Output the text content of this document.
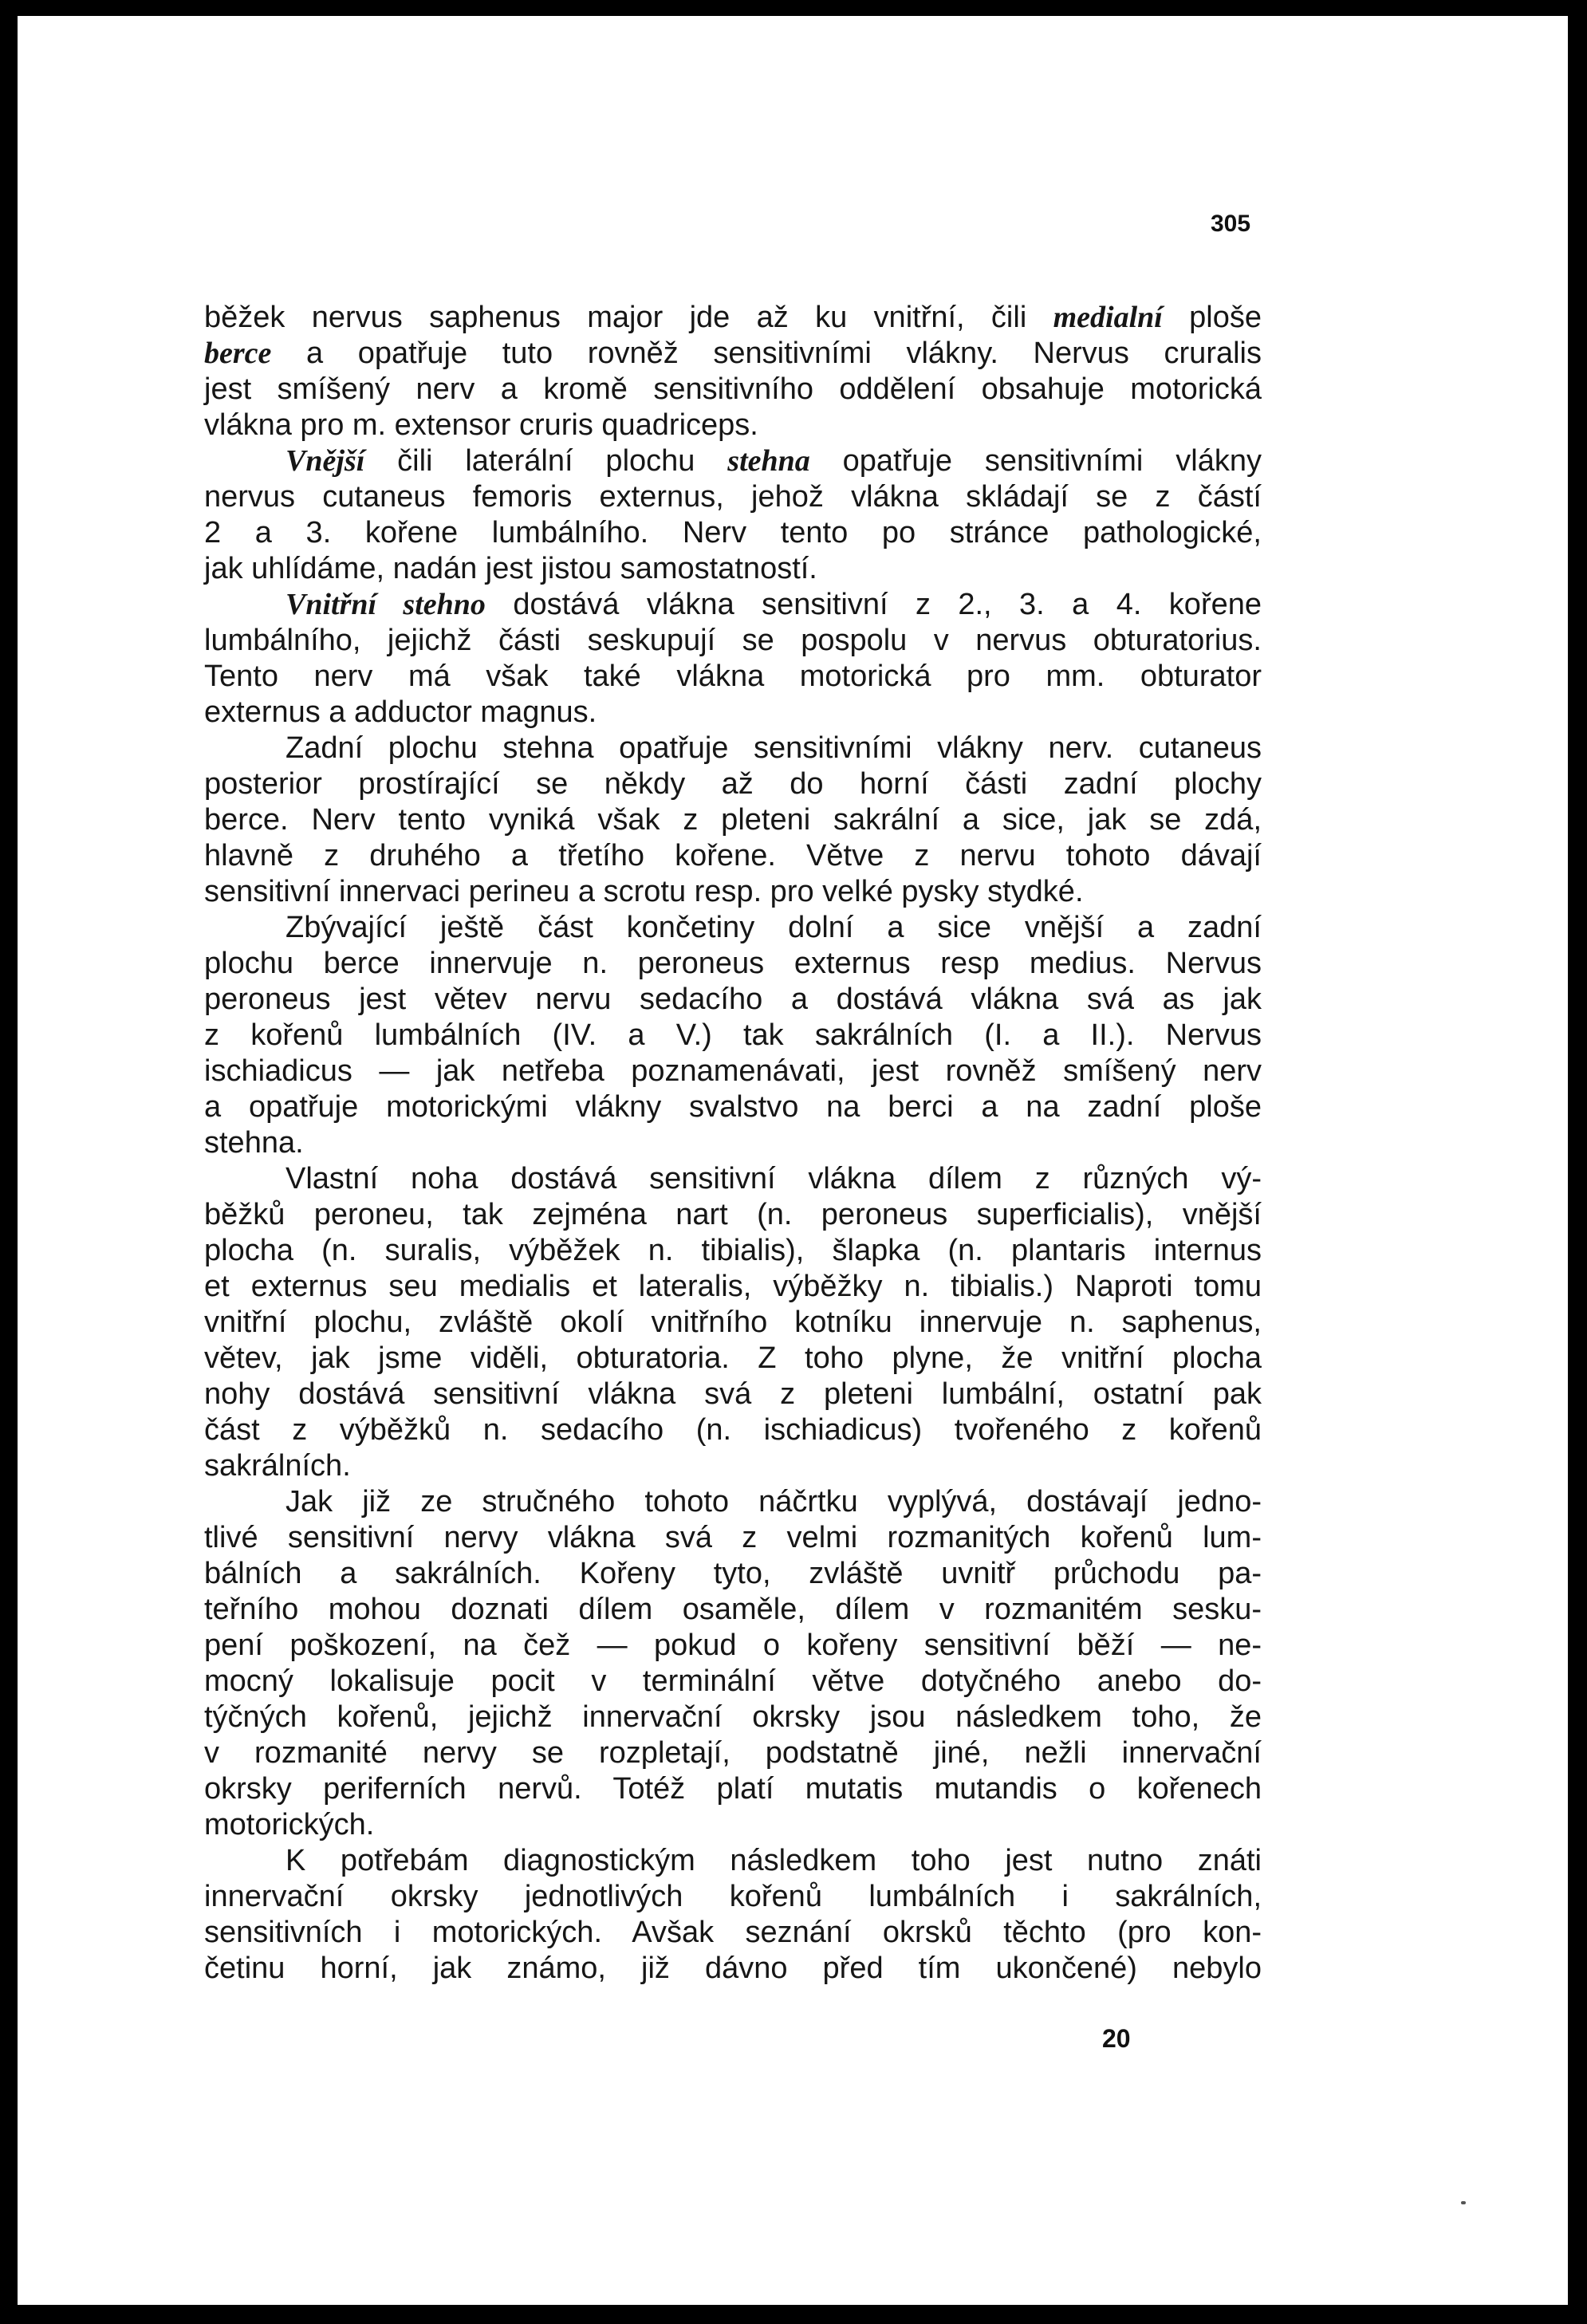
305
běžek nervus saphenus major jde až ku vnitřní, čili medialní ploše
berce a opatřuje tuto rovněž sensitivními vlákny. Nervus cruralis
jest smíšený nerv a kromě sensitivního oddělení obsahuje motorická
vlákna pro m. extensor cruris quadriceps.
Vnější čili laterální plochu stehna opatřuje sensitivními vlákny
nervus cutaneus femoris externus, jehož vlákna skládají se z částí
2 a 3. kořene lumbálního. Nerv tento po stránce pathologické,
jak uhlídáme, nadán jest jistou samostatností.
Vnitřní stehno dostává vlákna sensitivní z 2., 3. a 4. kořene
lumbálního, jejichž části seskupují se pospolu v nervus obturatorius.
Tento nerv má však také vlákna motorická pro mm. obturator
externus a adductor magnus.
Zadní plochu stehna opatřuje sensitivními vlákny nerv. cutaneus
posterior prostírající se někdy až do horní části zadní plochy
berce. Nerv tento vyniká však z pleteni sakrální a sice, jak se zdá,
hlavně z druhého a třetího kořene. Větve z nervu tohoto dávají
sensitivní innervaci perineu a scrotu resp. pro velké pysky stydké.
Zbývající ještě část končetiny dolní a sice vnější a zadní
plochu berce innervuje n. peroneus externus resp medius. Nervus
peroneus jest větev nervu sedacího a dostává vlákna svá as jak
z kořenů lumbálních (IV. a V.) tak sakrálních (I. a II.). Nervus
ischiadicus — jak netřeba poznamenávati, jest rovněž smíšený nerv
a opatřuje motorickými vlákny svalstvo na berci a na zadní ploše
stehna.
Vlastní noha dostává sensitivní vlákna dílem z různých vý-
běžků peroneu, tak zejména nart (n. peroneus superficialis), vnější
plocha (n. suralis, výběžek n. tibialis), šlapka (n. plantaris internus
et externus seu medialis et lateralis, výběžky n. tibialis.) Naproti tomu
vnitřní plochu, zvláště okolí vnitřního kotníku innervuje n. saphenus,
větev, jak jsme viděli, obturatoria. Z toho plyne, že vnitřní plocha
nohy dostává sensitivní vlákna svá z pleteni lumbální, ostatní pak
část z výběžků n. sedacího (n. ischiadicus) tvořeného z kořenů
sakrálních.
Jak již ze stručného tohoto náčrtku vyplývá, dostávají jedno-
tlivé sensitivní nervy vlákna svá z velmi rozmanitých kořenů lum-
bálních a sakrálních. Kořeny tyto, zvláště uvnitř průchodu pa-
teřního mohou doznati dílem osaměle, dílem v rozmanitém sesku-
pení poškození, na čež — pokud o kořeny sensitivní běží — ne-
mocný lokalisuje pocit v terminální větve dotyčného anebo do-
týčných kořenů, jejichž innervační okrsky jsou následkem toho, že
v rozmanité nervy se rozpletají, podstatně jiné, nežli innervační
okrsky periferních nervů. Totéž platí mutatis mutandis o kořenech
motorických.
K potřebám diagnostickým následkem toho jest nutno znáti
innervační okrsky jednotlivých kořenů lumbálních i sakrálních,
sensitivních i motorických. Avšak seznání okrsků těchto (pro kon-
četinu horní, jak známo, již dávno před tím ukončené) nebylo
20
